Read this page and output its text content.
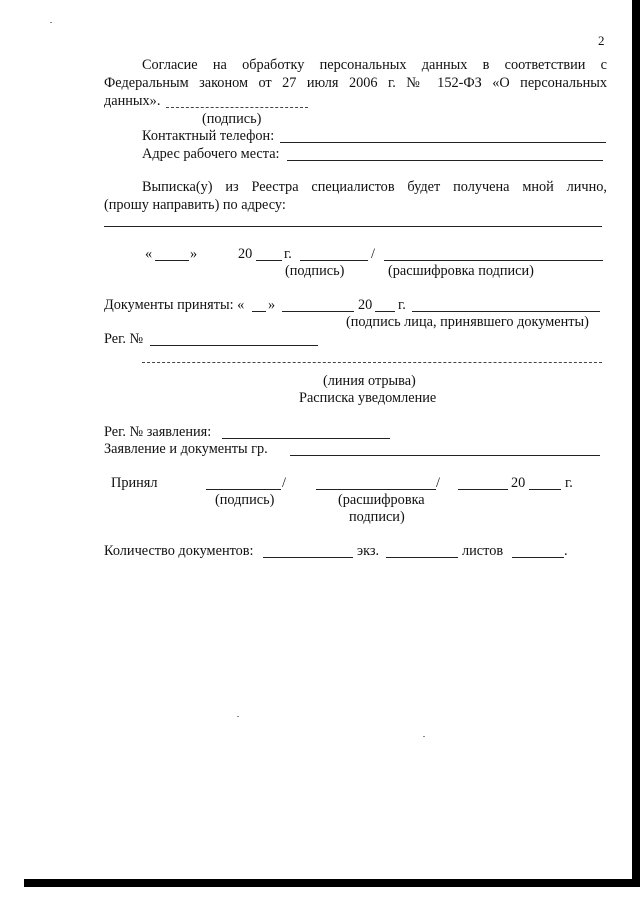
2
Согласие на обработку персональных данных в соответствии с
Федеральным законом от 27 июля 2006 г. № 152-ФЗ «О персональных
данных».
(подпись)
Контактный телефон:
Адрес рабочего места:
Выписка(у) из Реестра специалистов будет получена мной лично,
(прошу направить) по адресу:
«	»	20 г.	/
(подпись)	(расшифровка подписи)
Документы приняты: « »	20 г.
(подпись лица, принявшего документы)
Рег. №
(линия отрыва)
Расписка уведомление
Рег. № заявления:
Заявление и документы гр.
Принял	/	/	20	г.
(подпись)	(расшифровка
подписи)
Количество документов:	экз.	листов	.
